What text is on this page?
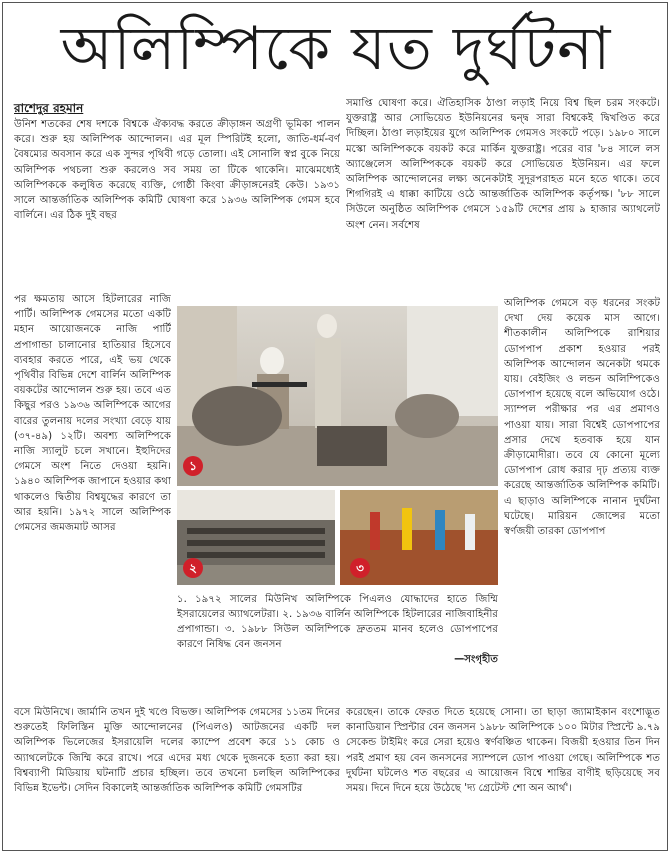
অলিম্পিকে যত দুর্ঘটনা
রাশেদুর রহমান
উনিশ শতকের শেষ দশকে বিশ্বকে ঐক্যবদ্ধ করতে ক্রীড়াঙ্গন অগ্রণী ভূমিকা পালন করে। শুরু হয় অলিম্পিক আন্দোলন। এর মূল স্পিরিটই হলো, জাতি-ধর্ম-বর্ণ বৈষম্যের অবসান করে এক সুন্দর পৃথিবী গড়ে তোলা। এই সোনালি স্বপ্ন বুকে নিয়ে অলিম্পিক পথচলা শুরু করলেও সব সময় তা টিকে থাকেনি। মাঝেমধ্যেই অলিম্পিককে কলুষিত করেছে ব্যক্তি, গোষ্ঠী কিংবা ক্রীড়াঙ্গনেরই কেউ। ১৯৩১ সালে আন্তর্জাতিক অলিম্পিক কমিটি ঘোষণা করে ১৯৩৬ অলিম্পিক গেমস হবে বার্লিনে। এর ঠিক দুই বছর
পর ক্ষমতায় আসে হিটলারের নাজি পার্টি। অলিম্পিক গেমসের মতো একটি মহান আয়োজনকে নাজি পার্টি প্রপাগান্ডা চালানোর হাতিয়ার হিসেবে ব্যবহার করতে পারে, এই ভয় থেকে পৃথিবীর বিভিন্ন দেশে বার্লিন অলিম্পিক বয়কটের আন্দোলন শুরু হয়। তবে এত কিছুর পরও ১৯৩৬ অলিম্পিকে আগের বারের তুলনায় দলের সংখ্যা বেড়ে যায় (৩৭-৪৯) ১২টি। অবশ্য অলিম্পিকে নাজি স্যালুট চলে সখানে। ইহুদিদের গেমসে অংশ নিতে দেওয়া হয়নি। ১৯৪০ অলিম্পিক জাপানে হওয়ার কথা থাকলেও দ্বিতীয় বিশ্বযুদ্ধের কারণে তা আর হয়নি। ১৯৭২ সালে অলিম্পিক গেমসের জমজমাট আসর
সমাপ্তি ঘোষণা করে। ঐতিহাসিক ঠাণ্ডা লড়াই নিয়ে বিশ্ব ছিল চরম সংকটে। যুক্তরাষ্ট্র আর সোভিয়েত ইউনিয়নের দ্বন্দ্ব সারা বিশ্বকেই দ্বিখণ্ডিত করে দিচ্ছিল। ঠাণ্ডা লড়াইয়ের যুগে অলিম্পিক গেমসও সংকটে পড়ে। ১৯৮০ সালে মস্কো অলিম্পিককে বয়কট করে মার্কিন যুক্তরাষ্ট্র। পরের বার '৮৪ সালে লস অ্যাঞ্জেলেস অলিম্পিককে বয়কট করে সোভিয়েত ইউনিয়ন। এর ফলে অলিম্পিক আন্দোলনের লক্ষ্য অনেকটাই সুদূরপরাহত মনে হতে থাকে। তবে শিগগিরই এ ধাক্কা কাটিয়ে ওঠে আন্তর্জাতিক অলিম্পিক কর্তৃপক্ষ। '৮৮ সালে সিউলে অনুষ্ঠিত অলিম্পিক গেমসে ১৫৯টি দেশের প্রায় ৯ হাজার অ্যাথলেট অংশ নেন। সর্বশেষ
অলিম্পিক গেমসে বড় ধরনের সংকট দেখা দেয় কয়েক মাস আগে। শীতকালীন অলিম্পিকে রাশিয়ার ডোপপাপ প্রকাশ হওয়ার পরই অলিম্পিক আন্দোলন অনেকটা থমকে যায়। বেইজিং ও লন্ডন অলিম্পিকেও ডোপপাপ হয়েছে বলে অভিযোগ ওঠে। স্যাম্পল পরীক্ষার পর এর প্রমাণও পাওয়া যায়। সারা বিশ্বেই ডোপপাপের প্রসার দেখে হতবাক হয়ে যান ক্রীড়ামোদীরা। তবে যে কোনো মূল্যে ডোপপাপ রোধ করার দৃঢ় প্রত্যয় ব্যক্ত করেছে আন্তর্জাতিক অলিম্পিক কমিটি। এ ছাড়াও অলিম্পিকে নানান দুর্ঘটনা ঘটেছে। মারিয়ন জোন্সের মতো স্বর্ণজয়ী তারকা ডোপপাপ
১
২	৩
১. ১৯৭২ সালের মিউনিখ অলিম্পিকে পিএলও যোদ্ধাদের হাতে জিম্মি ইসরায়েলের অ্যাথলেটরা। ২. ১৯৩৬ বার্লিন অলিম্পিকে হিটলারের নাজিবাহিনীর প্রপাগান্ডা। ৩. ১৯৮৮ সিউল অলিম্পিকে দ্রুততম মানব হলেও ডোপপাপের কারণে নিষিদ্ধ বেন জনসন
—সংগৃহীত
বসে মিউনিখে। জার্মানি তখন দুই খণ্ডে বিভক্ত। অলিম্পিক গেমসের ১১তম দিনের শুরুতেই ফিলিস্তিন মুক্তি আন্দোলনের (পিএলও) আটজনের একটি দল অলিম্পিক ভিলেজের ইসরায়েলি দলের ক্যাম্পে প্রবেশ করে ১১ কোচ ও অ্যাথলেটকে জিম্মি করে রাখে। পরে এদের মধ্য থেকে দুজনকে হত্যা করা হয়। বিশ্বব্যাপী মিডিয়ায় ঘটনাটি প্রচার হচ্ছিল। তবে তখনো চলছিল অলিম্পিকের বিভিন্ন ইভেন্ট। সেদিন বিকালেই আন্তর্জাতিক অলিম্পিক কমিটি গেমসটির
করেছেন। তাকে ফেরত দিতে হয়েছে সোনা। তা ছাড়া জ্যামাইকান বংশোদ্ভূত কানাডিয়ান স্প্রিন্টার বেন জনসন ১৯৮৮ অলিম্পিকে ১০০ মিটার স্প্রিন্টে ৯.৭৯ সেকেন্ড টাইমিং করে সেরা হয়েও স্বর্ণবঞ্চিত থাকেন। বিজয়ী হওয়ার তিন দিন পরই প্রমাণ হয় বেন জনসনের স্যাম্পলে ডোপ পাওয়া গেছে। অলিম্পিকে শত দুর্ঘটনা ঘটলেও শত বছরের এ আয়োজন বিশ্বে শান্তির বাণীই ছড়িয়েছে সব সময়। দিনে দিনে হয়ে উঠেছে 'দ্য গ্রেটেস্ট শো অন আর্থ'।
